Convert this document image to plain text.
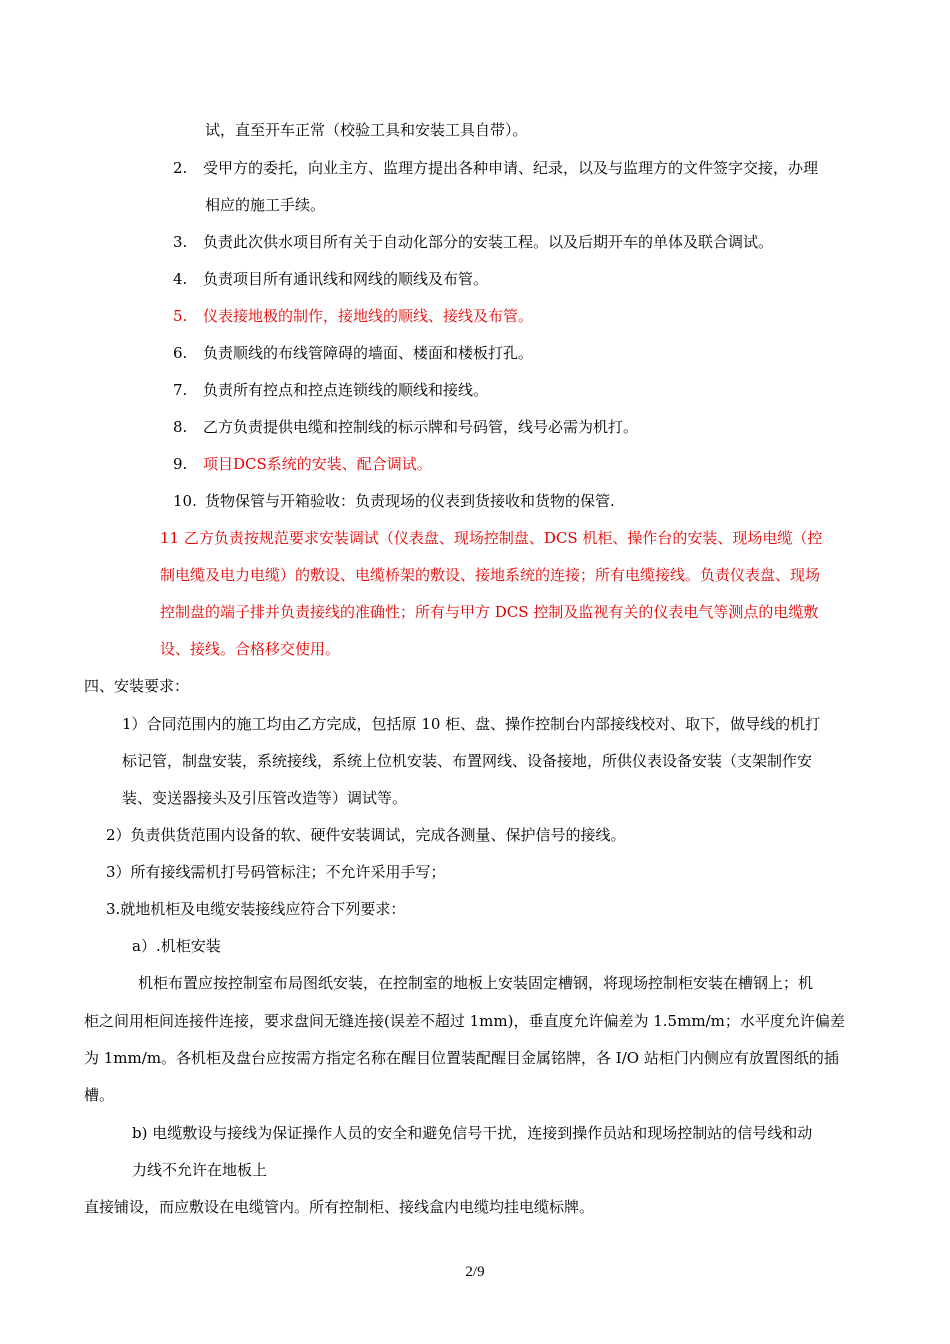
试，直至开车正常（校验工具和安装工具自带）。
2. 受甲方的委托，向业主方、监理方提出各种申请、纪录，以及与监理方的文件签字交接，办理
相应的施工手续。
3. 负责此次供水项目所有关于自动化部分的安装工程。以及后期开车的单体及联合调试。
4. 负责项目所有通讯线和网线的顺线及布管。
5. 仪表接地极的制作，接地线的顺线、接线及布管。
6. 负责顺线的布线管障碍的墙面、楼面和楼板打孔。
7. 负责所有控点和控点连锁线的顺线和接线。
8. 乙方负责提供电缆和控制线的标示牌和号码管，线号必需为机打。
9. 项目DCS系统的安装、配合调试。
10. 货物保管与开箱验收：负责现场的仪表到货接收和货物的保管.
11 乙方负责按规范要求安装调试（仪表盘、现场控制盘、DCS 机柜、操作台的安装、现场电缆（控
制电缆及电力电缆）的敷设、电缆桥架的敷设、接地系统的连接；所有电缆接线。负责仪表盘、现场
控制盘的端子排并负责接线的准确性；所有与甲方 DCS 控制及监视有关的仪表电气等测点的电缆敷
设、接线。合格移交使用。
四、安装要求：
1）合同范围内的施工均由乙方完成，包括原 10 柜、盘、操作控制台内部接线校对、取下，做导线的机打
标记管，制盘安装，系统接线，系统上位机安装、布置网线、设备接地，所供仪表设备安装（支架制作安
装、变送器接头及引压管改造等）调试等。
2）负责供货范围内设备的软、硬件安装调试，完成各测量、保护信号的接线。
3）所有接线需机打号码管标注；不允许采用手写；
3.就地机柜及电缆安装接线应符合下列要求：
a）.机柜安装
机柜布置应按控制室布局图纸安装，在控制室的地板上安装固定槽钢，将现场控制柜安装在槽钢上；机
柜之间用柜间连接件连接，要求盘间无缝连接(误差不超过 1mm)，垂直度允许偏差为 1.5mm/m；水平度允许偏差
为 1mm/m。各机柜及盘台应按需方指定名称在醒目位置装配醒目金属铭牌，各 I/O 站柜门内侧应有放置图纸的插
槽。
b) 电缆敷设与接线为保证操作人员的安全和避免信号干扰，连接到操作员站和现场控制站的信号线和动
力线不允许在地板上
直接铺设，而应敷设在电缆管内。所有控制柜、接线盒内电缆均挂电缆标牌。
2/9
